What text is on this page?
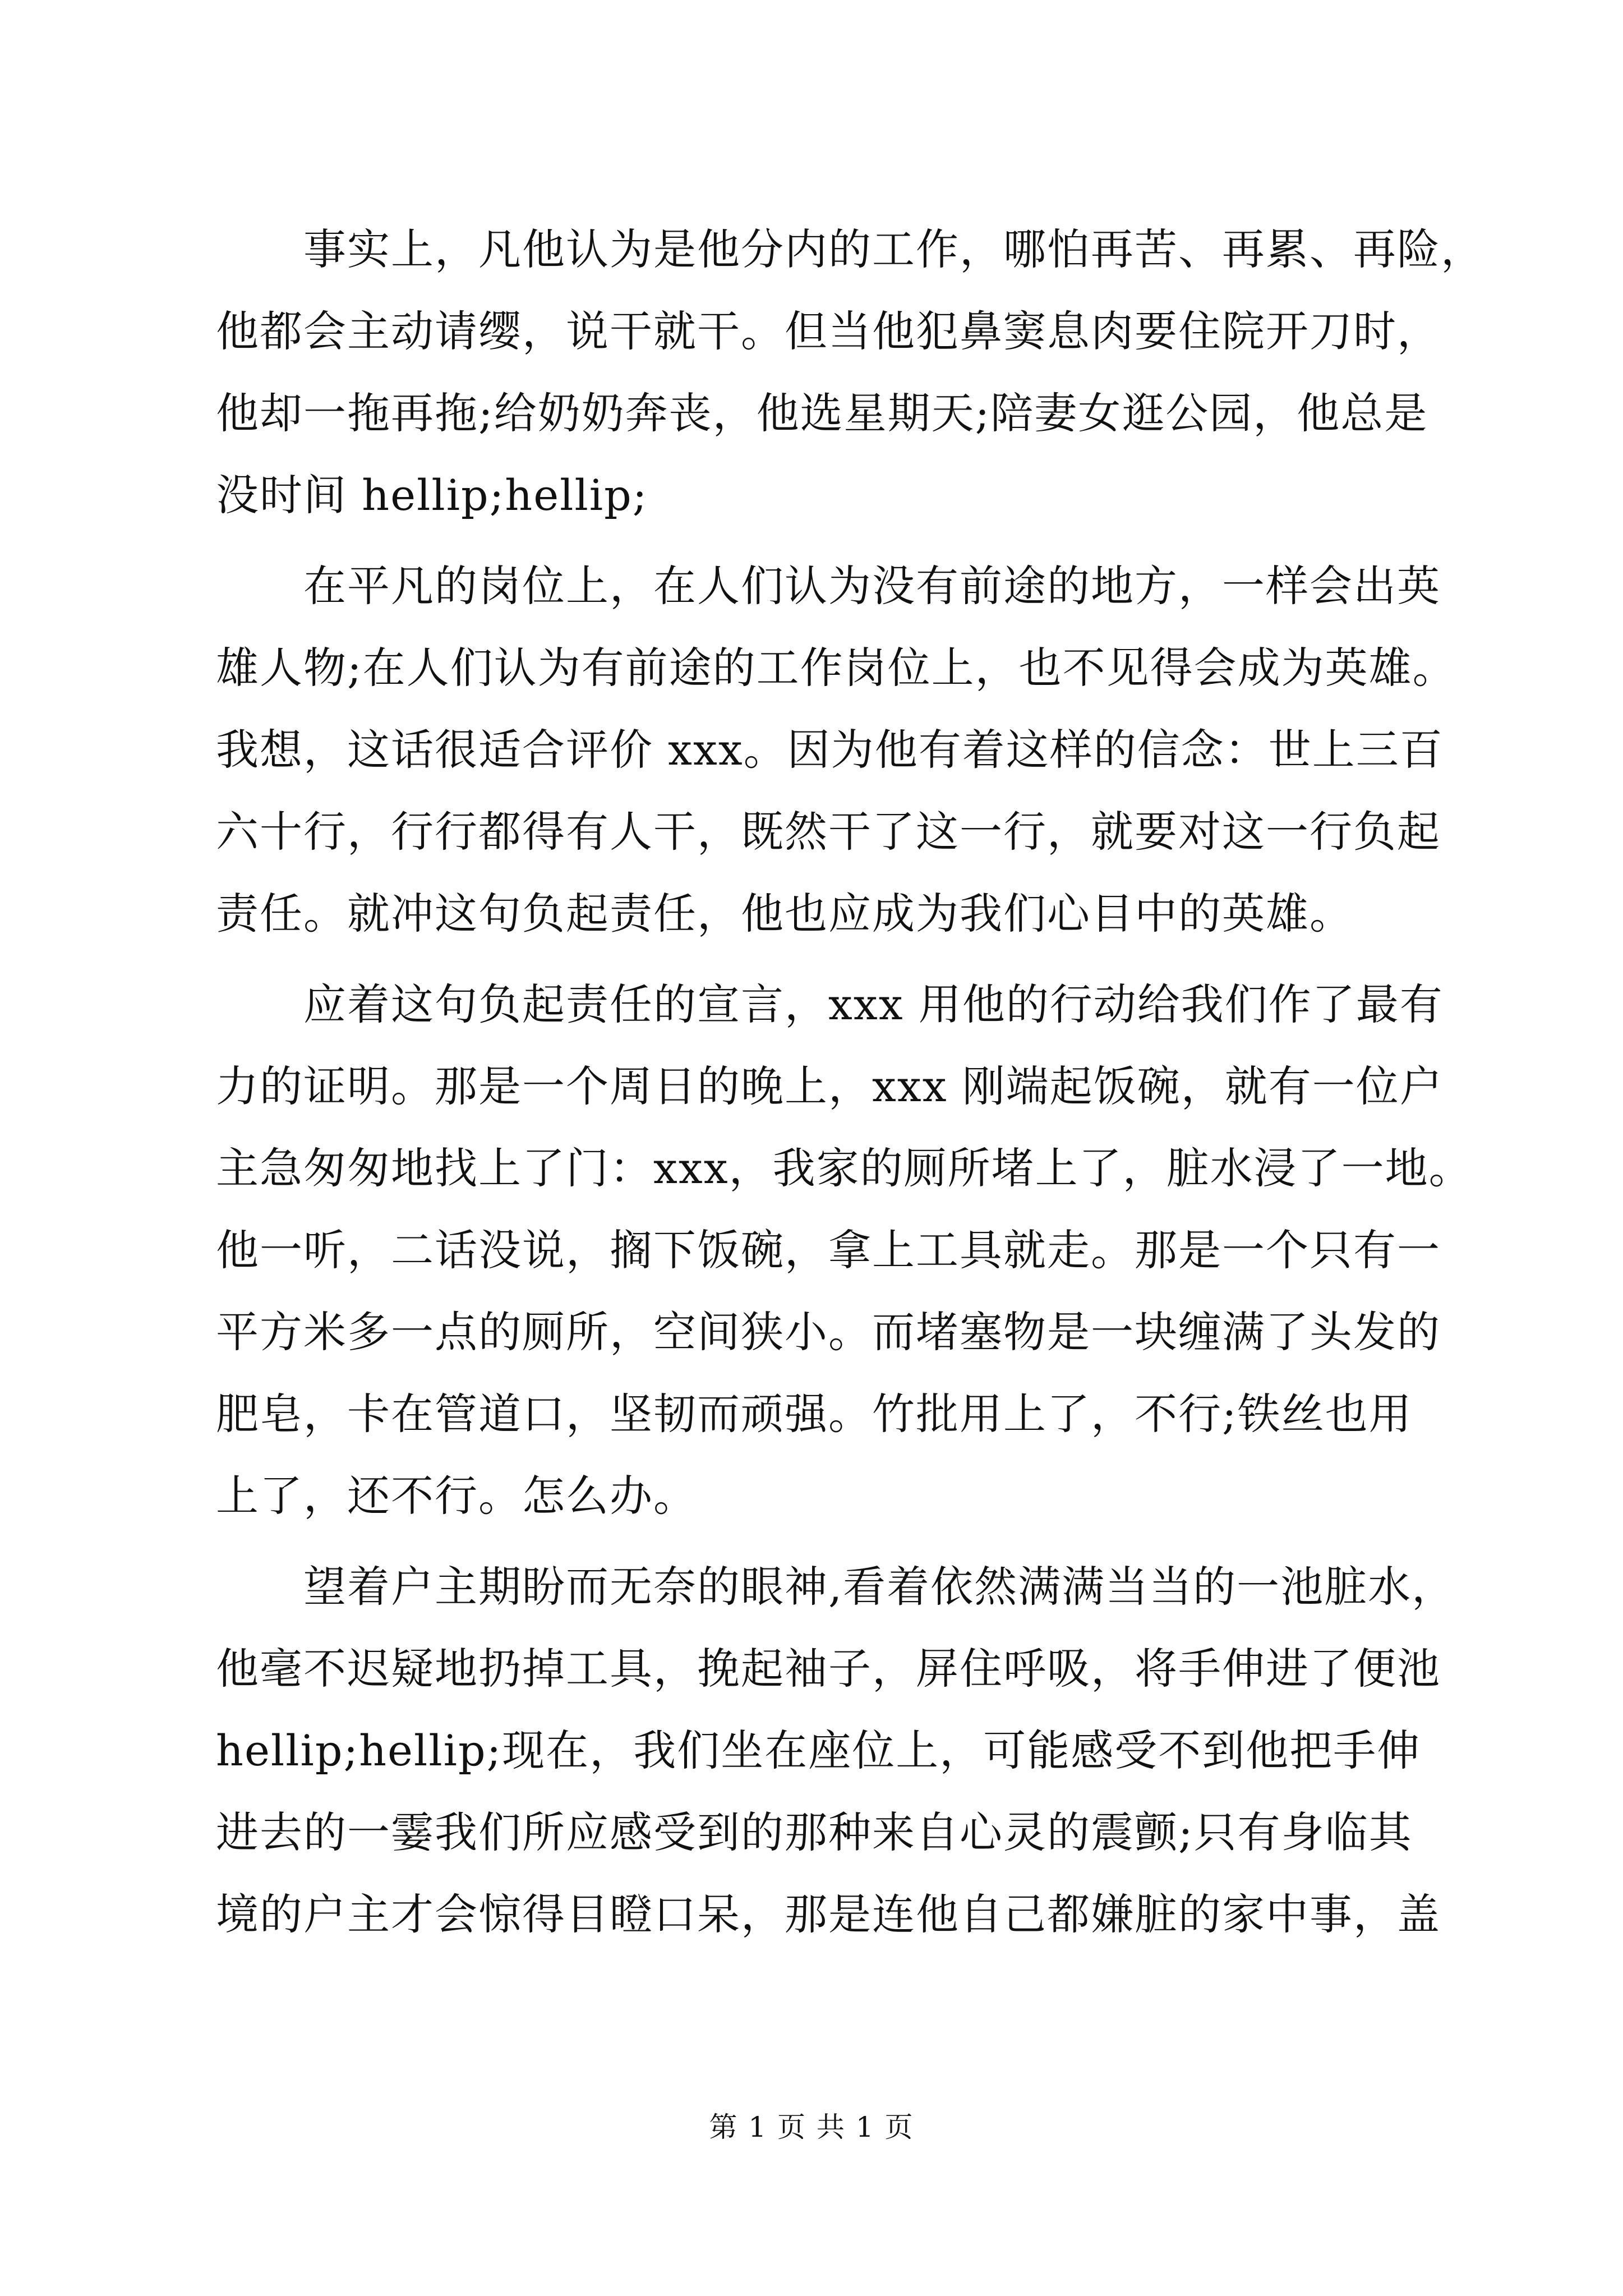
　　事实上，凡他认为是他分内的工作，哪怕再苦、再累、再险，
他都会主动请缨，说干就干。但当他犯鼻窦息肉要住院开刀时，
他却一拖再拖;给奶奶奔丧，他选星期天;陪妻女逛公园，他总是
没时间 hellip;hellip;
　　在平凡的岗位上，在人们认为没有前途的地方，一样会出英
雄人物;在人们认为有前途的工作岗位上，也不见得会成为英雄。
我想，这话很适合评价 xxx。因为他有着这样的信念：世上三百
六十行，行行都得有人干，既然干了这一行，就要对这一行负起
责任。就冲这句负起责任，他也应成为我们心目中的英雄。
　　应着这句负起责任的宣言，xxx 用他的行动给我们作了最有
力的证明。那是一个周日的晚上，xxx 刚端起饭碗，就有一位户
主急匆匆地找上了门：xxx，我家的厕所堵上了，脏水浸了一地。
他一听，二话没说，搁下饭碗，拿上工具就走。那是一个只有一
平方米多一点的厕所，空间狭小。而堵塞物是一块缠满了头发的
肥皂，卡在管道口，坚韧而顽强。竹批用上了，不行;铁丝也用
上了，还不行。怎么办。
　　望着户主期盼而无奈的眼神,看着依然满满当当的一池脏水，
他毫不迟疑地扔掉工具，挽起袖子，屏住呼吸，将手伸进了便池
hellip;hellip;现在，我们坐在座位上，可能感受不到他把手伸
进去的一霎我们所应感受到的那种来自心灵的震颤;只有身临其
境的户主才会惊得目瞪口呆，那是连他自己都嫌脏的家中事，盖
第 1 页 共 1 页
